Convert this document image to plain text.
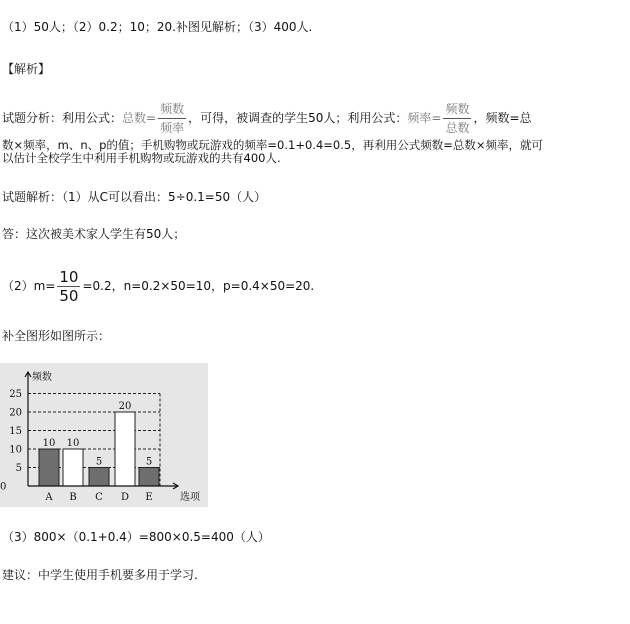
（1）50人；（2）0.2；10；20.补图见解析；（3）400人.
【解析】
试题分析：利用公式：总数= $\frac{\text{频数}}{\text{频率}}$ ，可得，被调查的学生50人；利用公式：频率= $\frac{\text{频数}}{\text{总数}}$ ，频数=总
数×频率，m、n、p的值；手机购物或玩游戏的频率=0.1+0.4=0.5，再利用公式频数=总数×频率，就可
以估计全校学生中利用手机购物或玩游戏的共有400人.
试题解析：（1）从C可以看出：5÷0.1=50（人）
答：这次被美术家人学生有50人；
$(2)m= \frac{10}{50} =0.2$，n=0.2×50=10，p=0.4×50=20.
补全图形如图所示：
5
10
15
20
25
10
A
10
B
5
C
20
D
5
E
0
频数
选项
（3）800×（0.1+0.4）=800×0.5=400（人）
建议：中学生使用手机要多用于学习.
